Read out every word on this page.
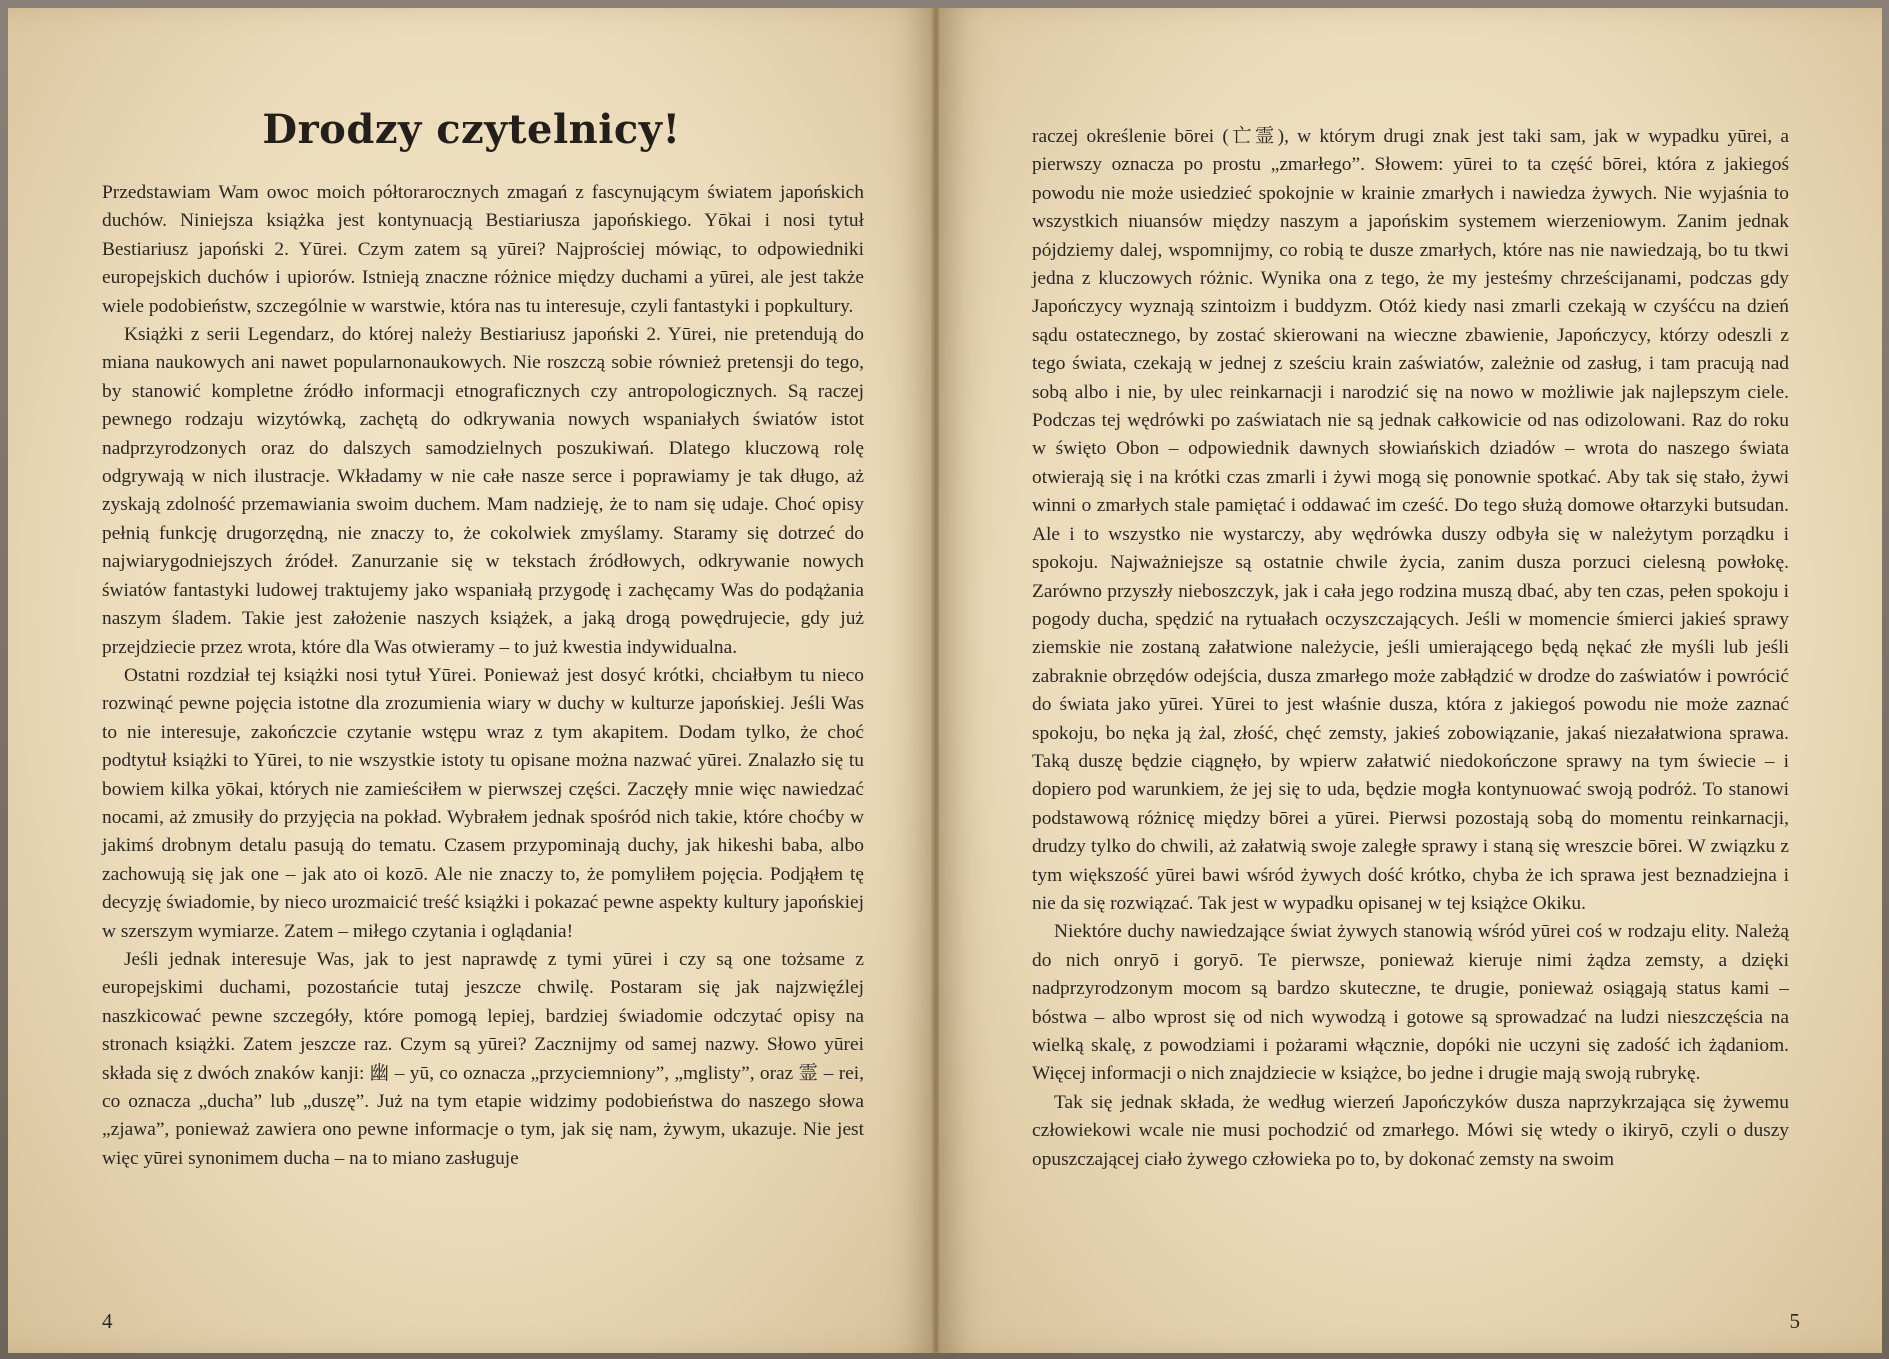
Drodzy czytelnicy!

Przedstawiam Wam owoc moich półtorarocznych zmagań z fascynującym światem japońskich duchów. Niniejsza książka jest kontynuacją Bestiariusza japońskiego. Yōkai i nosi tytuł Bestiariusz japoński 2. Yūrei. Czym zatem są yūrei? Najprościej mówiąc, to odpowiedniki europejskich duchów i upiorów. Istnieją znaczne różnice między duchami a yūrei, ale jest także wiele podobieństw, szczególnie w warstwie, która nas tu interesuje, czyli fantastyki i popkultury.

Książki z serii Legendarz, do której należy Bestiariusz japoński 2. Yūrei, nie pretendują do miana naukowych ani nawet popularnonaukowych. Nie roszczą sobie również pretensji do tego, by stanowić kompletne źródło informacji etnograficznych czy antropologicznych. Są raczej pewnego rodzaju wizytówką, zachętą do odkrywania nowych wspaniałych światów istot nadprzyrodzonych oraz do dalszych samodzielnych poszukiwań. Dlatego kluczową rolę odgrywają w nich ilustracje. Wkładamy w nie całe nasze serce i poprawiamy je tak długo, aż zyskają zdolność przemawiania swoim duchem. Mam nadzieję, że to nam się udaje. Choć opisy pełnią funkcję drugorzędną, nie znaczy to, że cokolwiek zmyślamy. Staramy się dotrzeć do najwiarygodniejszych źródeł. Zanurzanie się w tekstach źródłowych, odkrywanie nowych światów fantastyki ludowej traktujemy jako wspaniałą przygodę i zachęcamy Was do podążania naszym śladem. Takie jest założenie naszych książek, a jaką drogą powędrujecie, gdy już przejdziecie przez wrota, które dla Was otwieramy – to już kwestia indywidualna.

Ostatni rozdział tej książki nosi tytuł Yūrei. Ponieważ jest dosyć krótki, chciałbym tu nieco rozwinąć pewne pojęcia istotne dla zrozumienia wiary w duchy w kulturze japońskiej. Jeśli Was to nie interesuje, zakończcie czytanie wstępu wraz z tym akapitem. Dodam tylko, że choć podtytuł książki to Yūrei, to nie wszystkie istoty tu opisane można nazwać yūrei. Znalazło się tu bowiem kilka yōkai, których nie zamieściłem w pierwszej części. Zaczęły mnie więc nawiedzać nocami, aż zmusiły do przyjęcia na pokład. Wybrałem jednak spośród nich takie, które choćby w jakimś drobnym detalu pasują do tematu. Czasem przypominają duchy, jak hikeshi baba, albo zachowują się jak one – jak ato oi kozō. Ale nie znaczy to, że pomyliłem pojęcia. Podjąłem tę decyzję świadomie, by nieco urozmaicić treść książki i pokazać pewne aspekty kultury japońskiej w szerszym wymiarze. Zatem – miłego czytania i oglądania!

Jeśli jednak interesuje Was, jak to jest naprawdę z tymi yūrei i czy są one tożsame z europejskimi duchami, pozostańcie tutaj jeszcze chwilę. Postaram się jak najzwięźlej naszkicować pewne szczegóły, które pomogą lepiej, bardziej świadomie odczytać opisy na stronach książki. Zatem jeszcze raz. Czym są yūrei? Zacznijmy od samej nazwy. Słowo yūrei składa się z dwóch znaków kanji: 幽 – yū, co oznacza „przyciemniony”, „mglisty”, oraz 霊 – rei, co oznacza „ducha” lub „duszę”. Już na tym etapie widzimy podobieństwa do naszego słowa „zjawa”, ponieważ zawiera ono pewne informacje o tym, jak się nam, żywym, ukazuje. Nie jest więc yūrei synonimem ducha – na to miano zasługuje

4

raczej określenie bōrei (亡霊), w którym drugi znak jest taki sam, jak w wypadku yūrei, a pierwszy oznacza po prostu „zmarłego”. Słowem: yūrei to ta część bōrei, która z jakiegoś powodu nie może usiedzieć spokojnie w krainie zmarłych i nawiedza żywych. Nie wyjaśnia to wszystkich niuansów między naszym a japońskim systemem wierzeniowym. Zanim jednak pójdziemy dalej, wspomnijmy, co robią te dusze zmarłych, które nas nie nawiedzają, bo tu tkwi jedna z kluczowych różnic. Wynika ona z tego, że my jesteśmy chrześcijanami, podczas gdy Japończycy wyznają szintoizm i buddyzm. Otóż kiedy nasi zmarli czekają w czyśćcu na dzień sądu ostatecznego, by zostać skierowani na wieczne zbawienie, Japończycy, którzy odeszli z tego świata, czekają w jednej z sześciu krain zaświatów, zależnie od zasług, i tam pracują nad sobą albo i nie, by ulec reinkarnacji i narodzić się na nowo w możliwie jak najlepszym ciele. Podczas tej wędrówki po zaświatach nie są jednak całkowicie od nas odizolowani. Raz do roku w święto Obon – odpowiednik dawnych słowiańskich dziadów – wrota do naszego świata otwierają się i na krótki czas zmarli i żywi mogą się ponownie spotkać. Aby tak się stało, żywi winni o zmarłych stale pamiętać i oddawać im cześć. Do tego służą domowe ołtarzyki butsudan. Ale i to wszystko nie wystarczy, aby wędrówka duszy odbyła się w należytym porządku i spokoju. Najważniejsze są ostatnie chwile życia, zanim dusza porzuci cielesną powłokę. Zarówno przyszły nieboszczyk, jak i cała jego rodzina muszą dbać, aby ten czas, pełen spokoju i pogody ducha, spędzić na rytuałach oczyszczających. Jeśli w momencie śmierci jakieś sprawy ziemskie nie zostaną załatwione należycie, jeśli umierającego będą nękać złe myśli lub jeśli zabraknie obrzędów odejścia, dusza zmarłego może zabłądzić w drodze do zaświatów i powrócić do świata jako yūrei. Yūrei to jest właśnie dusza, która z jakiegoś powodu nie może zaznać spokoju, bo nęka ją żal, złość, chęć zemsty, jakieś zobowiązanie, jakaś niezałatwiona sprawa. Taką duszę będzie ciągnęło, by wpierw załatwić niedokończone sprawy na tym świecie – i dopiero pod warunkiem, że jej się to uda, będzie mogła kontynuować swoją podróż. To stanowi podstawową różnicę między bōrei a yūrei. Pierwsi pozostają sobą do momentu reinkarnacji, drudzy tylko do chwili, aż załatwią swoje zaległe sprawy i staną się wreszcie bōrei. W związku z tym większość yūrei bawi wśród żywych dość krótko, chyba że ich sprawa jest beznadziejna i nie da się rozwiązać. Tak jest w wypadku opisanej w tej książce Okiku.

Niektóre duchy nawiedzające świat żywych stanowią wśród yūrei coś w rodzaju elity. Należą do nich onryō i goryō. Te pierwsze, ponieważ kieruje nimi żądza zemsty, a dzięki nadprzyrodzonym mocom są bardzo skuteczne, te drugie, ponieważ osiągają status kami – bóstwa – albo wprost się od nich wywodzą i gotowe są sprowadzać na ludzi nieszczęścia na wielką skalę, z powodziami i pożarami włącznie, dopóki nie uczyni się zadość ich żądaniom. Więcej informacji o nich znajdziecie w książce, bo jedne i drugie mają swoją rubrykę.

Tak się jednak składa, że według wierzeń Japończyków dusza naprzykrzająca się żywemu człowiekowi wcale nie musi pochodzić od zmarłego. Mówi się wtedy o ikiryō, czyli o duszy opuszczającej ciało żywego człowieka po to, by dokonać zemsty na swoim

5
